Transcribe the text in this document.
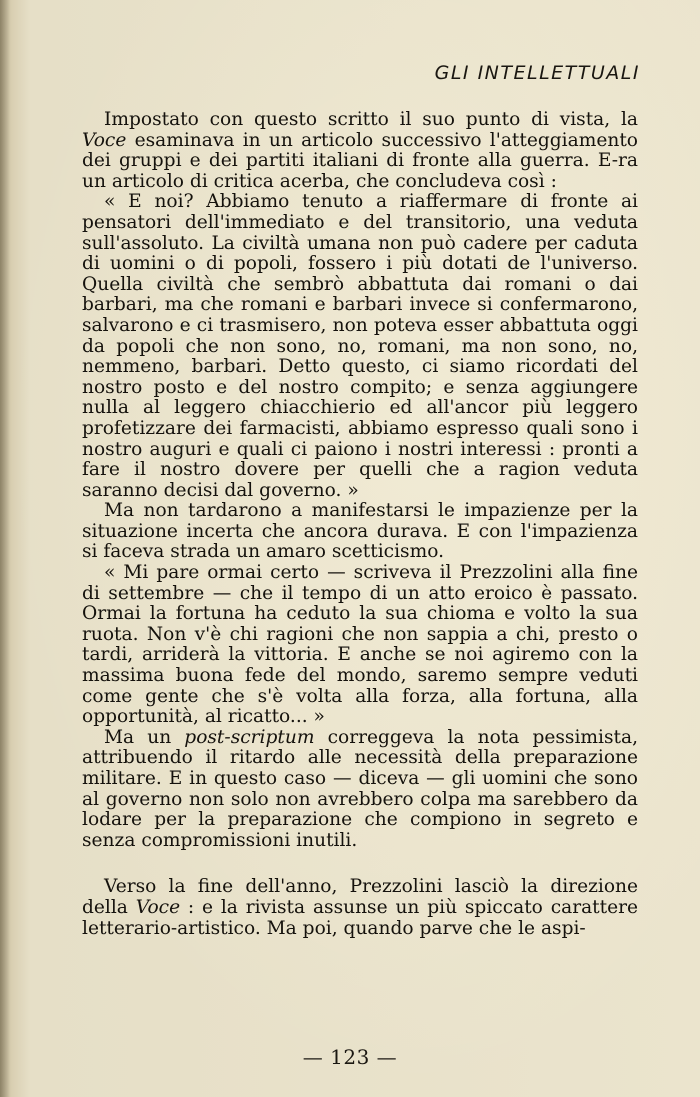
GLI INTELLETTUALI

Impostato con questo scritto il suo punto di vista, la Voce esaminava in un articolo successivo l'atteggiamento dei gruppi e dei partiti italiani di fronte alla guerra. E-ra un articolo di critica acerba, che concludeva così :

« E noi? Abbiamo tenuto a riaffermare di fronte ai pensatori dell'immediato e del transitorio, una veduta sull'assoluto. La civiltà umana non può cadere per caduta di uomini o di popoli, fossero i più dotati de l'universo. Quella civiltà che sembrò abbattuta dai romani o dai barbari, ma che romani e barbari invece si confermarono, salvarono e ci trasmisero, non poteva esser abbattuta oggi da popoli che non sono, no, romani, ma non sono, no, nemmeno, barbari. Detto questo, ci siamo ricordati del nostro posto e del nostro compito; e senza aggiungere nulla al leggero chiacchierio ed all'ancor più leggero profetizzare dei farmacisti, abbiamo espresso quali sono i nostro auguri e quali ci paiono i nostri interessi : pronti a fare il nostro dovere per quelli che a ragion veduta saranno decisi dal governo. »

Ma non tardarono a manifestarsi le impazienze per la situazione incerta che ancora durava. E con l'impazienza si faceva strada un amaro scetticismo.

« Mi pare ormai certo — scriveva il Prezzolini alla fine di settembre — che il tempo di un atto eroico è passato. Ormai la fortuna ha ceduto la sua chioma e volto la sua ruota. Non v'è chi ragioni che non sappia a chi, presto o tardi, arriderà la vittoria. E anche se noi agiremo con la massima buona fede del mondo, saremo sempre veduti come gente che s'è volta alla forza, alla fortuna, alla opportunità, al ricatto... »

Ma un post-scriptum correggeva la nota pessimista, attribuendo il ritardo alle necessità della preparazione militare. E in questo caso — diceva — gli uomini che sono al governo non solo non avrebbero colpa ma sarebbero da lodare per la preparazione che compiono in segreto e senza compromissioni inutili.

Verso la fine dell'anno, Prezzolini lasciò la direzione della Voce : e la rivista assunse un più spiccato carattere letterario-artistico. Ma poi, quando parve che le aspi-

— 123 —
